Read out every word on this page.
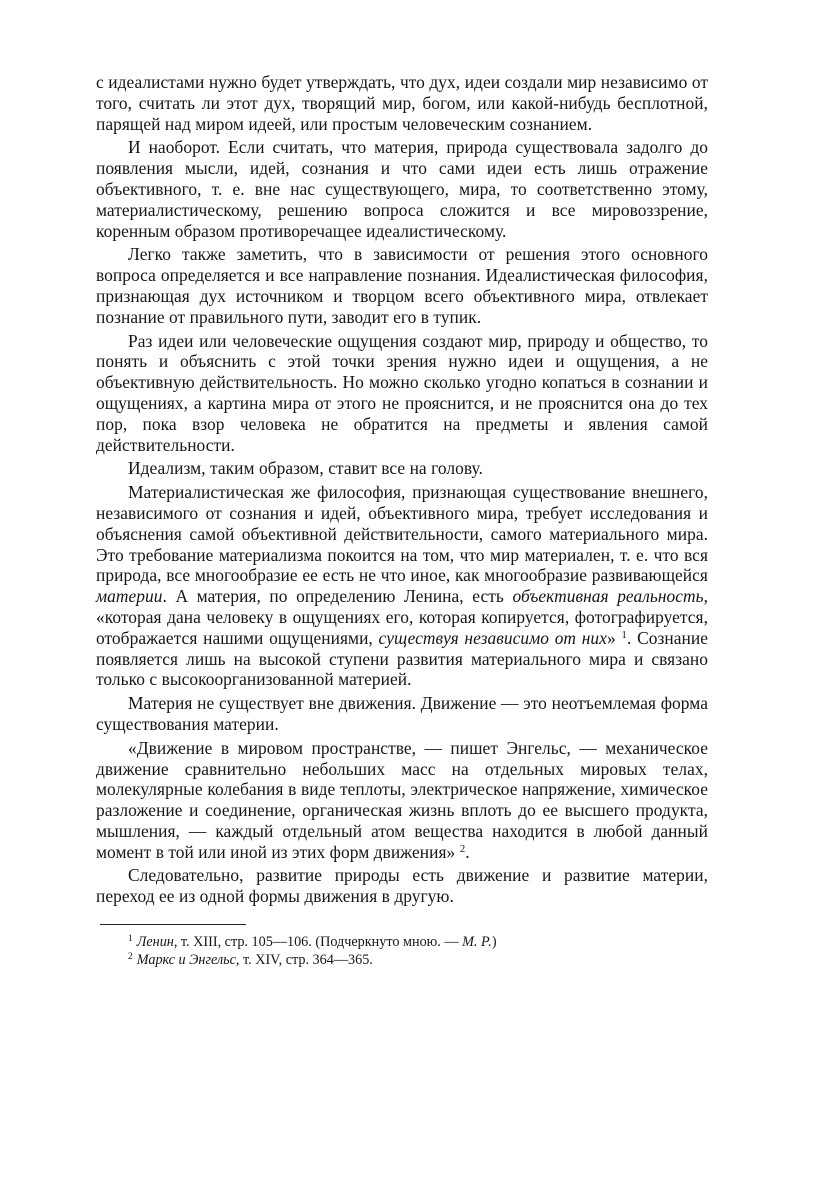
с идеалистами нужно будет утверждать, что дух, идеи создали мир независимо от того, считать ли этот дух, творящий мир, богом, или какой-нибудь бесплотной, парящей над миром идеей, или простым человеческим сознанием.

И наоборот. Если считать, что материя, природа существовала задолго до появления мысли, идей, сознания и что сами идеи есть лишь отражение объективного, т. е. вне нас существующего, мира, то соответственно этому, материалистическому, решению вопроса сложится и все мировоззрение, коренным образом противоречащее идеалистическому.

Легко также заметить, что в зависимости от решения этого основного вопроса определяется и все направление познания. Идеалистическая философия, признающая дух источником и творцом всего объективного мира, отвлекает познание от правильного пути, заводит его в тупик.

Раз идеи или человеческие ощущения создают мир, природу и общество, то понять и объяснить с этой точки зрения нужно идеи и ощущения, а не объективную действительность. Но можно сколько угодно копаться в сознании и ощущениях, а картина мира от этого не прояснится, и не прояснится она до тех пор, пока взор человека не обратится на предметы и явления самой действительности.

Идеализм, таким образом, ставит все на голову.

Материалистическая же философия, признающая существование внешнего, независимого от сознания и идей, объективного мира, требует исследования и объяснения самой объективной действительности, самого материального мира. Это требование материализма покоится на том, что мир материален, т. е. что вся природа, все многообразие ее есть не что иное, как многообразие развивающейся материи. А материя, по определению Ленина, есть объективная реальность, «которая дана человеку в ощущениях его, которая копируется, фотографируется, отображается нашими ощущениями, существуя независимо от них» $^1$. Сознание появляется лишь на высокой ступени развития материального мира и связано только с высокоорганизованной материей.

Материя не существует вне движения. Движение — это неотъемлемая форма существования материи.

«Движение в мировом пространстве, — пишет Энгельс, — механическое движение сравнительно небольших масс на отдельных мировых телах, молекулярные колебания в виде теплоты, электрическое напряжение, химическое разложение и соединение, органическая жизнь вплоть до ее высшего продукта, мышления, — каждый отдельный атом вещества находится в любой данный момент в той или иной из этих форм движения» $^2$.

Следовательно, развитие природы есть движение и развитие материи, переход ее из одной формы движения в другую.

$^1$ Ленин, т. XIII, стр. 105—106. (Подчеркнуто мною. — М. Р.)

$^2$ Маркс и Энгельс, т. XIV, стр. 364—365.
